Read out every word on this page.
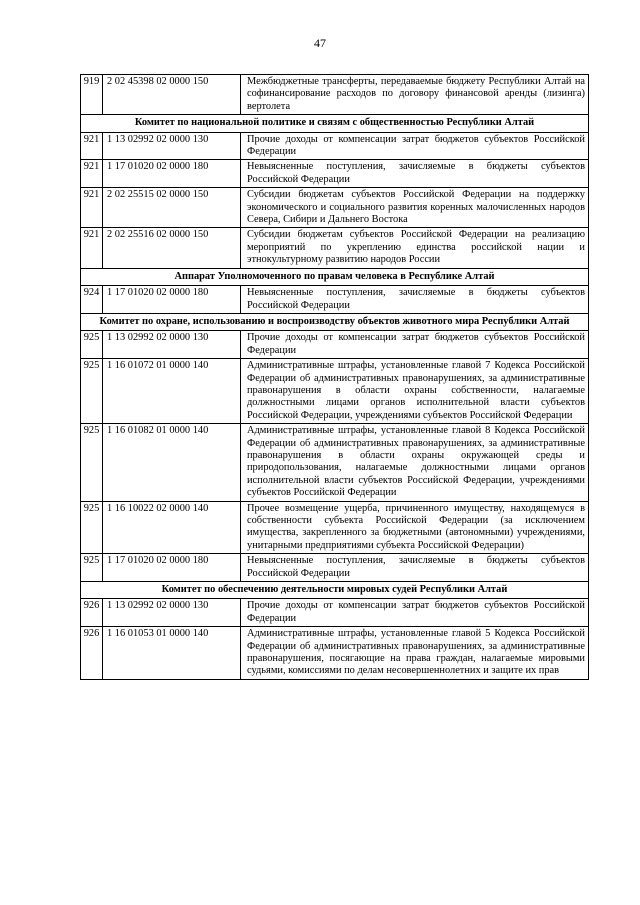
47
919	2 02 45398 02 0000 150	Межбюджетные трансферты, передаваемые бюджету Республики Алтай на софинансирование расходов по договору финансовой аренды (лизинга) вертолета
Комитет по национальной политике и связям с общественностью Республики Алтай		
921	1 13 02992 02 0000 130	Прочие доходы от компенсации затрат бюджетов субъектов Российской Федерации
921	1 17 01020 02 0000 180	Невыясненные поступления, зачисляемые в бюджеты субъектов Российской Федерации
921	2 02 25515 02 0000 150	Субсидии бюджетам субъектов Российской Федерации на поддержку экономического и социального развития коренных малочисленных народов Севера, Сибири и Дальнего Востока
921	2 02 25516 02 0000 150	Субсидии бюджетам субъектов Российской Федерации на реализацию мероприятий по укреплению единства российской нации и этнокультурному развитию народов России
Аппарат Уполномоченного по правам человека в Республике Алтай		
924	1 17 01020 02 0000 180	Невыясненные поступления, зачисляемые в бюджеты субъектов Российской Федерации
Комитет по охране, использованию и воспроизводству объектов животного мира Республики Алтай		
925	1 13 02992 02 0000 130	Прочие доходы от компенсации затрат бюджетов субъектов Российской Федерации
925	1 16 01072 01 0000 140	Административные штрафы, установленные главой 7 Кодекса Российской Федерации об административных правонарушениях, за административные правонарушения в области охраны собственности, налагаемые должностными лицами органов исполнительной власти субъектов Российской Федерации, учреждениями субъектов Российской Федерации
925	1 16 01082 01 0000 140	Административные штрафы, установленные главой 8 Кодекса Российской Федерации об административных правонарушениях, за административные правонарушения в области охраны окружающей среды и природопользования, налагаемые должностными лицами органов исполнительной власти субъектов Российской Федерации, учреждениями субъектов Российской Федерации
925	1 16 10022 02 0000 140	Прочее возмещение ущерба, причиненного имуществу, находящемуся в собственности субъекта Российской Федерации (за исключением имущества, закрепленного за бюджетными (автономными) учреждениями, унитарными предприятиями субъекта Российской Федерации)
925	1 17 01020 02 0000 180	Невыясненные поступления, зачисляемые в бюджеты субъектов Российской Федерации
Комитет по обеспечению деятельности мировых судей Республики Алтай		
926	1 13 02992 02 0000 130	Прочие доходы от компенсации затрат бюджетов субъектов Российской Федерации
926	1 16 01053 01 0000 140	Административные штрафы, установленные главой 5 Кодекса Российской Федерации об административных правонарушениях, за административные правонарушения, посягающие на права граждан, налагаемые мировыми судьями, комиссиями по делам несовершеннолетних и защите их прав
